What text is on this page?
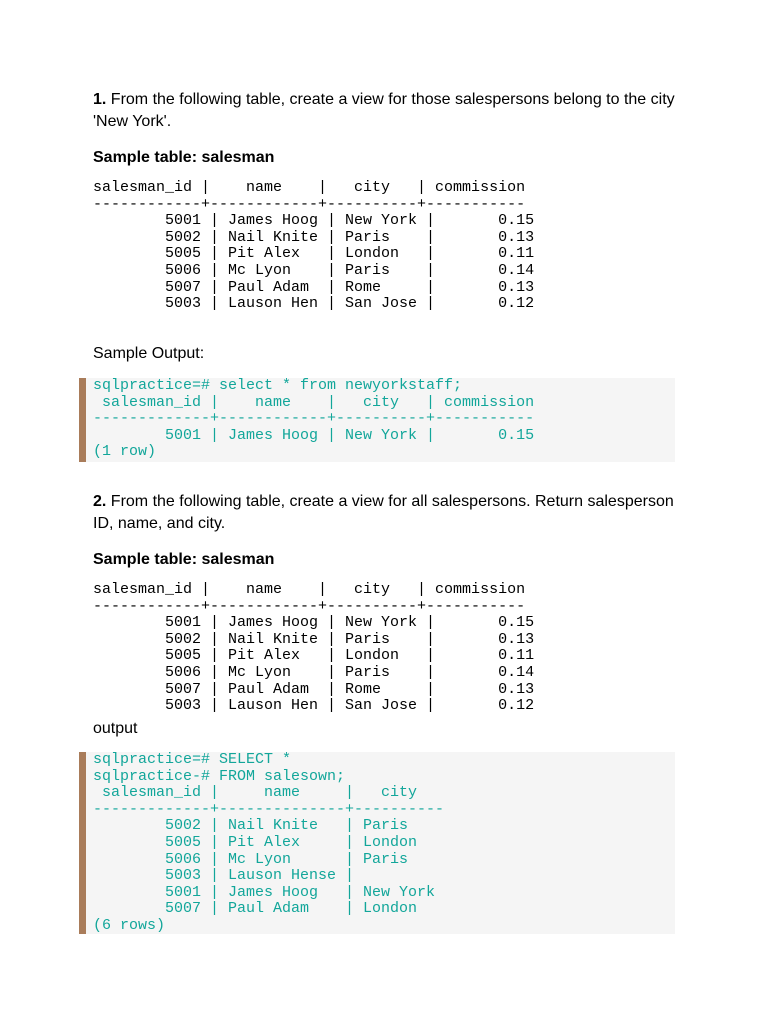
1. From the following table, create a view for those salespersons belong to the city 'New York'.
Sample table: salesman
salesman_id |    name    |   city   | commission
------------+------------+----------+-----------
5001 | James Hoog | New York |       0.15
5002 | Nail Knite | Paris    |       0.13
5005 | Pit Alex   | London   |       0.11
5006 | Mc Lyon    | Paris    |       0.14
5007 | Paul Adam  | Rome     |       0.13
5003 | Lauson Hen | San Jose |       0.12
Sample Output:
sqlpractice=# select * from newyorkstaff;
salesman_id |    name    |   city   | commission
-------------+------------+----------+-----------
5001 | James Hoog | New York |       0.15
(1 row)
2. From the following table, create a view for all salespersons. Return salesperson ID, name, and city.
Sample table: salesman
salesman_id |    name    |   city   | commission
------------+------------+----------+-----------
5001 | James Hoog | New York |       0.15
5002 | Nail Knite | Paris    |       0.13
5005 | Pit Alex   | London   |       0.11
5006 | Mc Lyon    | Paris    |       0.14
5007 | Paul Adam  | Rome     |       0.13
5003 | Lauson Hen | San Jose |       0.12
output
sqlpractice=# SELECT *
sqlpractice-# FROM salesown;
salesman_id |     name     |   city
-------------+--------------+----------
5002 | Nail Knite   | Paris
5005 | Pit Alex     | London
5006 | Mc Lyon      | Paris
5003 | Lauson Hense |
5001 | James Hoog   | New York
5007 | Paul Adam    | London
(6 rows)
